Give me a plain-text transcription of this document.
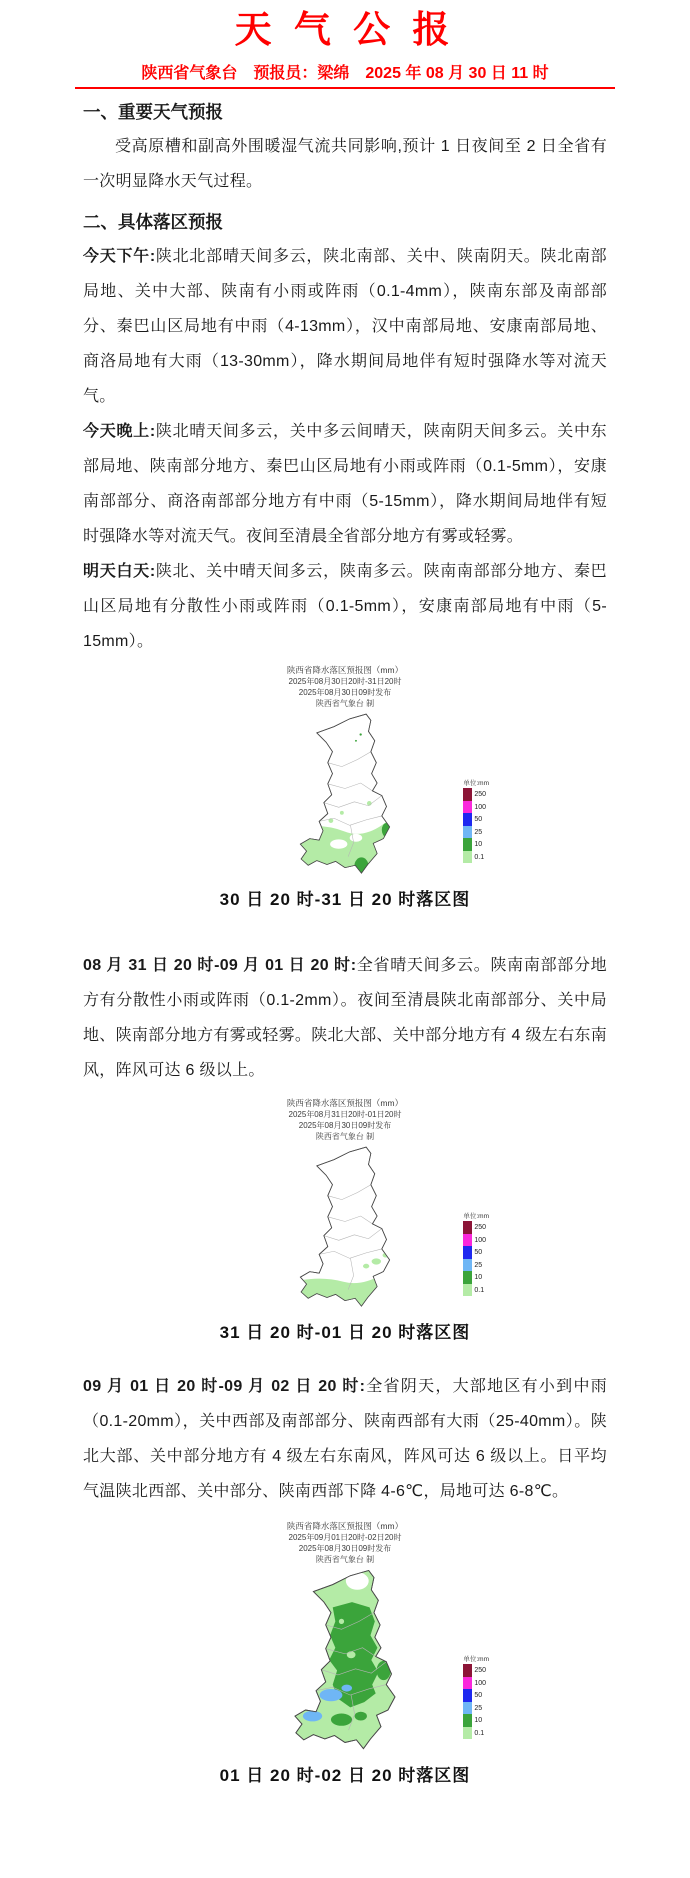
天 气 公 报
陕西省气象台　预报员：梁绵　2025 年 08 月 30 日 11 时
一、重要天气预报

受高原槽和副高外围暖湿气流共同影响,预计 1 日夜间至 2 日全省有一次明显降水天气过程。

二、具体落区预报

今天下午:陕北北部晴天间多云，陕北南部、关中、陕南阴天。陕北南部局地、关中大部、陕南有小雨或阵雨（0.1-4mm），陕南东部及南部部分、秦巴山区局地有中雨（4-13mm），汉中南部局地、安康南部局地、商洛局地有大雨（13-30mm），降水期间局地伴有短时强降水等对流天气。

今天晚上:陕北晴天间多云，关中多云间晴天，陕南阴天间多云。关中东部局地、陕南部分地方、秦巴山区局地有小雨或阵雨（0.1-5mm），安康南部部分、商洛南部部分地方有中雨（5-15mm），降水期间局地伴有短时强降水等对流天气。夜间至清晨全省部分地方有雾或轻雾。

明天白天:陕北、关中晴天间多云，陕南多云。陕南南部部分地方、秦巴山区局地有分散性小雨或阵雨（0.1-5mm），安康南部局地有中雨（5-15mm）。

陕西省降水落区预报图（mm）
2025年08月30日20时-31日20时
2025年08月30日09时发布
陕西省气象台 制
单位:mm
250
100
50
25
10
0.1
30 日 20 时-31 日 20 时落区图

08 月 31 日 20 时-09 月 01 日 20 时:全省晴天间多云。陕南南部部分地方有分散性小雨或阵雨（0.1-2mm）。夜间至清晨陕北南部部分、关中局地、陕南部分地方有雾或轻雾。陕北大部、关中部分地方有 4 级左右东南风，阵风可达 6 级以上。

陕西省降水落区预报图（mm）
2025年08月31日20时-01日20时
2025年08月30日09时发布
陕西省气象台 制
单位:mm
250
100
50
25
10
0.1
31 日 20 时-01 日 20 时落区图

09 月 01 日 20 时-09 月 02 日 20 时:全省阴天，大部地区有小到中雨（0.1-20mm），关中西部及南部部分、陕南西部有大雨（25-40mm）。陕北大部、关中部分地方有 4 级左右东南风，阵风可达 6 级以上。日平均气温陕北西部、关中部分、陕南西部下降 4-6℃，局地可达 6-8℃。

陕西省降水落区预报图（mm）
2025年09月01日20时-02日20时
2025年08月30日09时发布
陕西省气象台 制
单位:mm
250
100
50
25
10
0.1
01 日 20 时-02 日 20 时落区图
